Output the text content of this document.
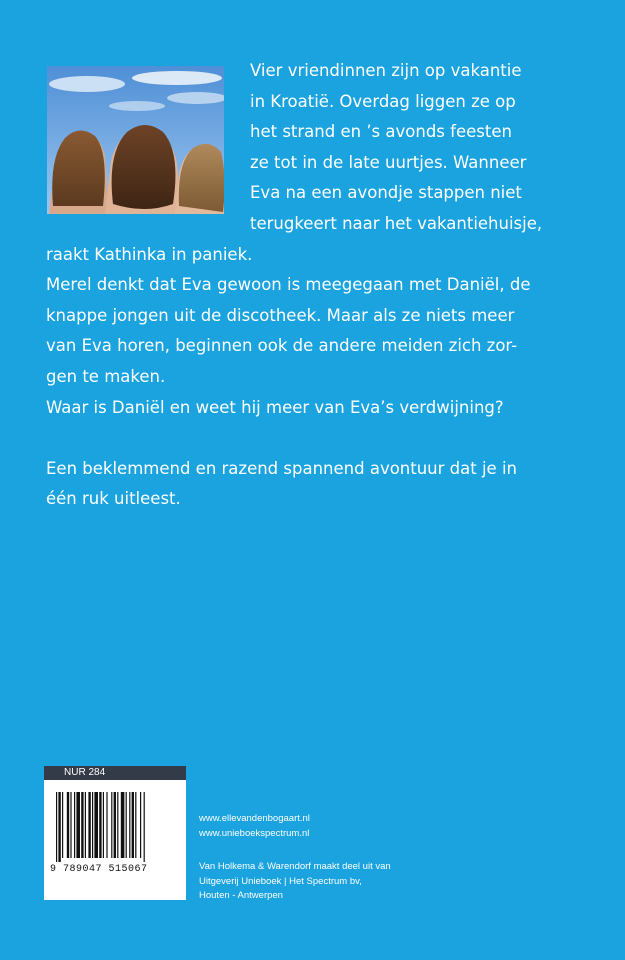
Vier vriendinnen zijn op vakantie
in Kroatië. Overdag liggen ze op
het strand en ’s avonds feesten
ze tot in de late uurtjes. Wanneer
Eva na een avondje stappen niet
terugkeert naar het vakantiehuisje,
raakt Kathinka in paniek.
Merel denkt dat Eva gewoon is meegegaan met Daniël, de
knappe jongen uit de discotheek. Maar als ze niets meer
van Eva horen, beginnen ook de andere meiden zich zor-
gen te maken.
Waar is Daniël en weet hij meer van Eva’s verdwijning?
Een beklemmend en razend spannend avontuur dat je in
één ruk uitleest.
NUR 284
9 789047 515067
www.ellevandenbogaart.nl
www.unieboekspectrum.nl
Van Holkema & Warendorf maakt deel uit van
Uitgeverij Unieboek | Het Spectrum bv,
Houten - Antwerpen
